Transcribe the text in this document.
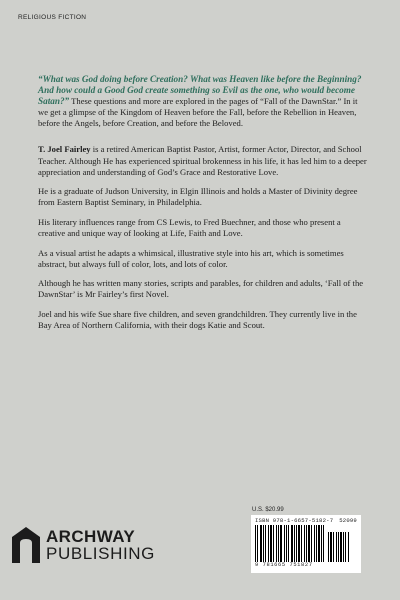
RELIGIOUS FICTION

“What was God doing before Creation? What was Heaven like before the Beginning? And how could a Good God create something so Evil as the one, who would become Satan?” These questions and more are explored in the pages of “Fall of the DawnStar.” In it we get a glimpse of the Kingdom of Heaven before the Fall, before the Rebellion in Heaven, before the Angels, before Creation, and before the Beloved.

T. Joel Fairley is a retired American Baptist Pastor, Artist, former Actor, Director, and School Teacher. Although He has experienced spiritual brokenness in his life, it has led him to a deeper appreciation and understanding of God’s Grace and Restorative Love.

He is a graduate of Judson University, in Elgin Illinois and holds a Master of Divinity degree from Eastern Baptist Seminary, in Philadelphia.

His literary influences range from CS Lewis, to Fred Buechner, and those who present a creative and unique way of looking at Life, Faith and Love.

As a visual artist he adapts a whimsical, illustrative style into his art, which is sometimes abstract, but always full of color, lots, and lots of color.

Although he has written many stories, scripts and parables, for children and adults, ‘Fall of the DawnStar’ is Mr Fairley’s first Novel.

Joel and his wife Sue share five children, and seven grandchildren. They currently live in the Bay Area of Northern California, with their dogs Katie and Scout.

U.S. $20.99
ISBN 978-1-6657-5182-7 52099
9 781665 751827
ARCHWAY
PUBLISHING
